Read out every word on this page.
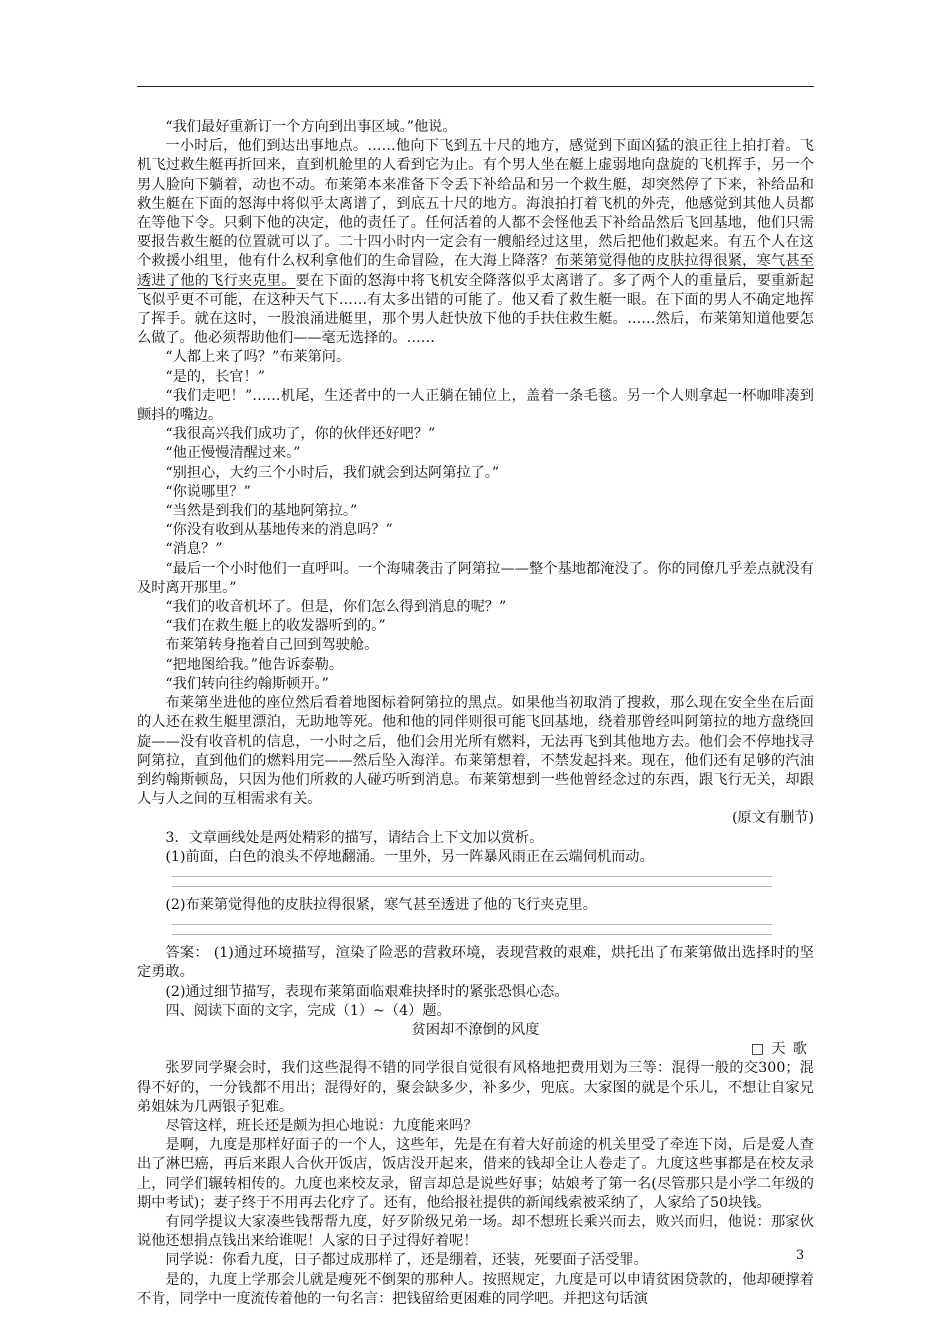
“我们最好重新订一个方向到出事区域。”他说。

一小时后，他们到达出事地点。……他向下飞到五十尺的地方，感觉到下面凶猛的浪正往上拍打着。飞机飞过救生艇再折回来，直到机舱里的人看到它为止。有个男人坐在艇上虚弱地向盘旋的飞机挥手，另一个男人脸向下躺着，动也不动。布莱第本来准备下令丢下补给品和另一个救生艇，却突然停了下来，补给品和救生艇在下面的怒海中将似乎太离谱了，到底五十尺的地方。海浪拍打着飞机的外壳，他感觉到其他人员都在等他下令。只剩下他的决定，他的责任了。任何活着的人都不会怪他丢下补给品然后飞回基地，他们只需要报告救生艇的位置就可以了。二十四小时内一定会有一艘船经过这里，然后把他们救起来。有五个人在这个救援小组里，他有什么权利拿他们的生命冒险，在大海上降落？布莱第觉得他的皮肤拉得很紧，寒气甚至透进了他的飞行夹克里。要在下面的怒海中将飞机安全降落似乎太离谱了。多了两个人的重量后，要重新起飞似乎更不可能，在这种天气下……有太多出错的可能了。他又看了救生艇一眼。在下面的男人不确定地挥了挥手。就在这时，一股浪涌进艇里，那个男人赶快放下他的手扶住救生艇。……然后，布莱第知道他要怎么做了。他必须帮助他们——毫无选择的。……

“人都上来了吗？”布莱第问。

“是的，长官！”

“我们走吧！”……机尾，生还者中的一人正躺在铺位上，盖着一条毛毯。另一个人则拿起一杯咖啡凑到颤抖的嘴边。

“我很高兴我们成功了，你的伙伴还好吧？”

“他正慢慢清醒过来。”

“别担心，大约三个小时后，我们就会到达阿第拉了。”

“你说哪里？”

“当然是到我们的基地阿第拉。”

“你没有收到从基地传来的消息吗？”

“消息？”

“最后一个小时他们一直呼叫。一个海啸袭击了阿第拉——整个基地都淹没了。你的同僚几乎差点就没有及时离开那里。”

“我们的收音机坏了。但是，你们怎么得到消息的呢？”

“我们在救生艇上的收发器听到的。”

布莱第转身拖着自己回到驾驶舱。

“把地图给我。”他告诉泰勒。

“我们转向往约翰斯顿开。”

布莱第坐进他的座位然后看着地图标着阿第拉的黑点。如果他当初取消了搜救，那么现在安全坐在后面的人还在救生艇里漂泊，无助地等死。他和他的同伴则很可能飞回基地，绕着那曾经叫阿第拉的地方盘绕回旋——没有收音机的信息，一小时之后，他们会用光所有燃料，无法再飞到其他地方去。他们会不停地找寻阿第拉，直到他们的燃料用完——然后坠入海洋。布莱第想着，不禁发起抖来。现在，他们还有足够的汽油到约翰斯顿岛，只因为他们所救的人碰巧听到消息。布莱第想到一些他曾经念过的东西，跟飞行无关，却跟人与人之间的互相需求有关。

(原文有删节)

3．文章画线处是两处精彩的描写，请结合上下文加以赏析。

(1)前面，白色的浪头不停地翻涌。一里外，另一阵暴风雨正在云端伺机而动。

(2)布莱第觉得他的皮肤拉得很紧，寒气甚至透进了他的飞行夹克里。

答案： (1)通过环境描写，渲染了险恶的营救环境，表现营救的艰难，烘托出了布莱第做出选择时的坚定勇敢。

(2)通过细节描写，表现布莱第面临艰难抉择时的紧张恐惧心态。

四、阅读下面的文字，完成（1）~（4）题。

贫困却不潦倒的风度

□天歌

张罗同学聚会时，我们这些混得不错的同学很自觉很有风格地把费用划为三等：混得一般的交300；混得不好的，一分钱都不用出；混得好的，聚会缺多少，补多少，兜底。大家图的就是个乐儿，不想让自家兄弟姐妹为几两银子犯难。

尽管这样，班长还是颇为担心地说：九度能来吗？

是啊，九度是那样好面子的一个人，这些年，先是在有着大好前途的机关里受了牵连下岗，后是爱人查出了淋巴癌，再后来跟人合伙开饭店，饭店没开起来，借来的钱却全让人卷走了。九度这些事都是在校友录上，同学们辗转相传的。九度也来校友录，留言却总是说些好事；姑娘考了第一名(尽管那只是小学二年级的期中考试)；妻子终于不用再去化疗了。还有，他给报社提供的新闻线索被采纳了，人家给了50块钱。

有同学提议大家凑些钱帮帮九度，好歹阶级兄弟一场。却不想班长乘兴而去，败兴而归，他说：那家伙说他还想捐点钱出来给谁呢！人家的日子过得好着呢！

同学说：你看九度，日子都过成那样了，还是绷着，还装，死要面子活受罪。

是的，九度上学那会儿就是瘦死不倒架的那种人。按照规定，九度是可以申请贫困贷款的，他却硬撑着不肯，同学中一度流传着他的一句名言：把钱留给更困难的同学吧。并把这句话演

3
